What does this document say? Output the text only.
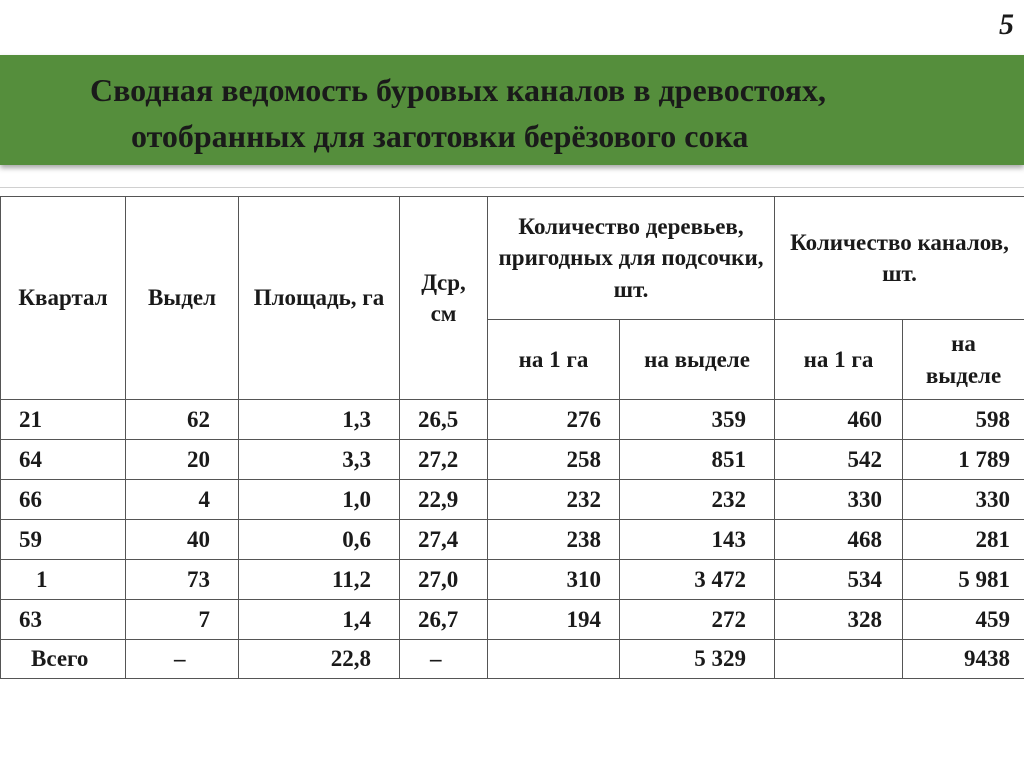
5
Сводная ведомость буровых каналов в древостоях,
отобранных для заготовки берёзового сока
Квартал	Выдел	Площадь, га	Дср, см	Количество деревьев, пригодных для подсочки, шт.		Количество каналов, шт.	
				на 1 га	на выделе	на 1 га	на выделе
21	62	1,3	26,5	276	359	460	598
64	20	3,3	27,2	258	851	542	1 789
66	4	1,0	22,9	232	232	330	330
59	40	0,6	27,4	238	143	468	281
1	73	11,2	27,0	310	3 472	534	5 981
63	7	1,4	26,7	194	272	328	459
Всего	–	22,8	–		5 329		9438
